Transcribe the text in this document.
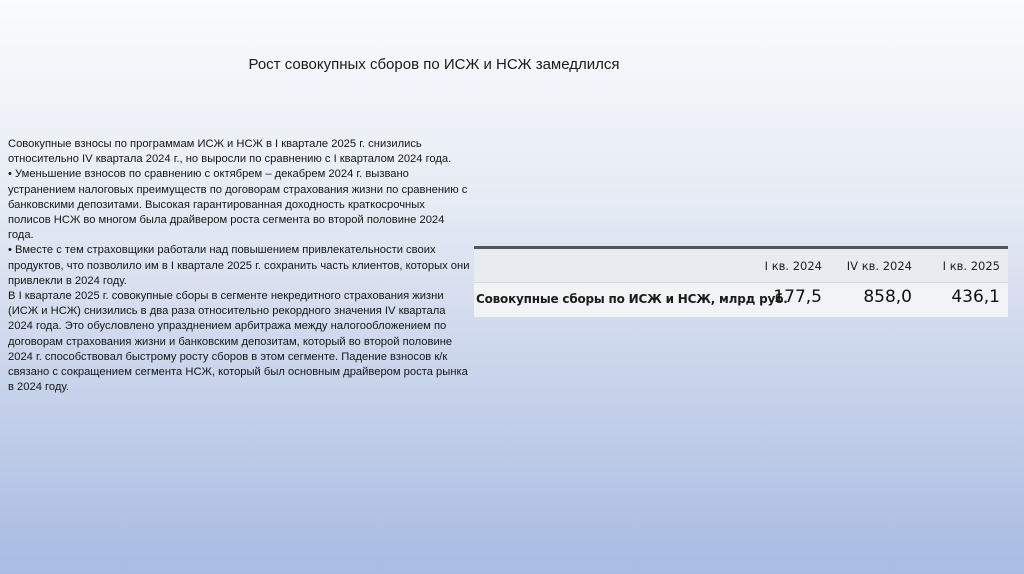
Рост совокупных сборов по ИСЖ и НСЖ замедлился

Совокупные взносы по программам ИСЖ и НСЖ в I квартале 2025 г. снизились относительно IV квартала 2024 г., но выросли по сравнению с I кварталом 2024 года.

• Уменьшение взносов по сравнению с октябрем – декабрем 2024 г. вызвано устранением налоговых преимуществ по договорам страхования жизни по сравнению с банковскими депозитами. Высокая гарантированная доходность краткосрочных полисов НСЖ во многом была драйвером роста сегмента во второй половине 2024 года.

• Вместе с тем страховщики работали над повышением привлекательности своих продуктов, что позволило им в I квартале 2025 г. сохранить часть клиентов, которых они привлекли в 2024 году.

В I квартале 2025 г. совокупные сборы в сегменте некредитного страхования жизни (ИСЖ и НСЖ) снизились в два раза относительно рекордного значения IV квартала 2024 года. Это обусловлено упразднением арбитража между налогообложением по договорам страхования жизни и банковским депозитам, который во второй половине 2024 г. способствовал быстрому росту сборов в этом сегменте. Падение взносов к/к связано с сокращением сегмента НСЖ, который был основным драйвером роста рынка в 2024 году.

I кв. 2024 IV кв. 2024	I кв. 2025
Совокупные сборы по ИСЖ и НСЖ, млрд руб.
177,5 858,0 436,1
